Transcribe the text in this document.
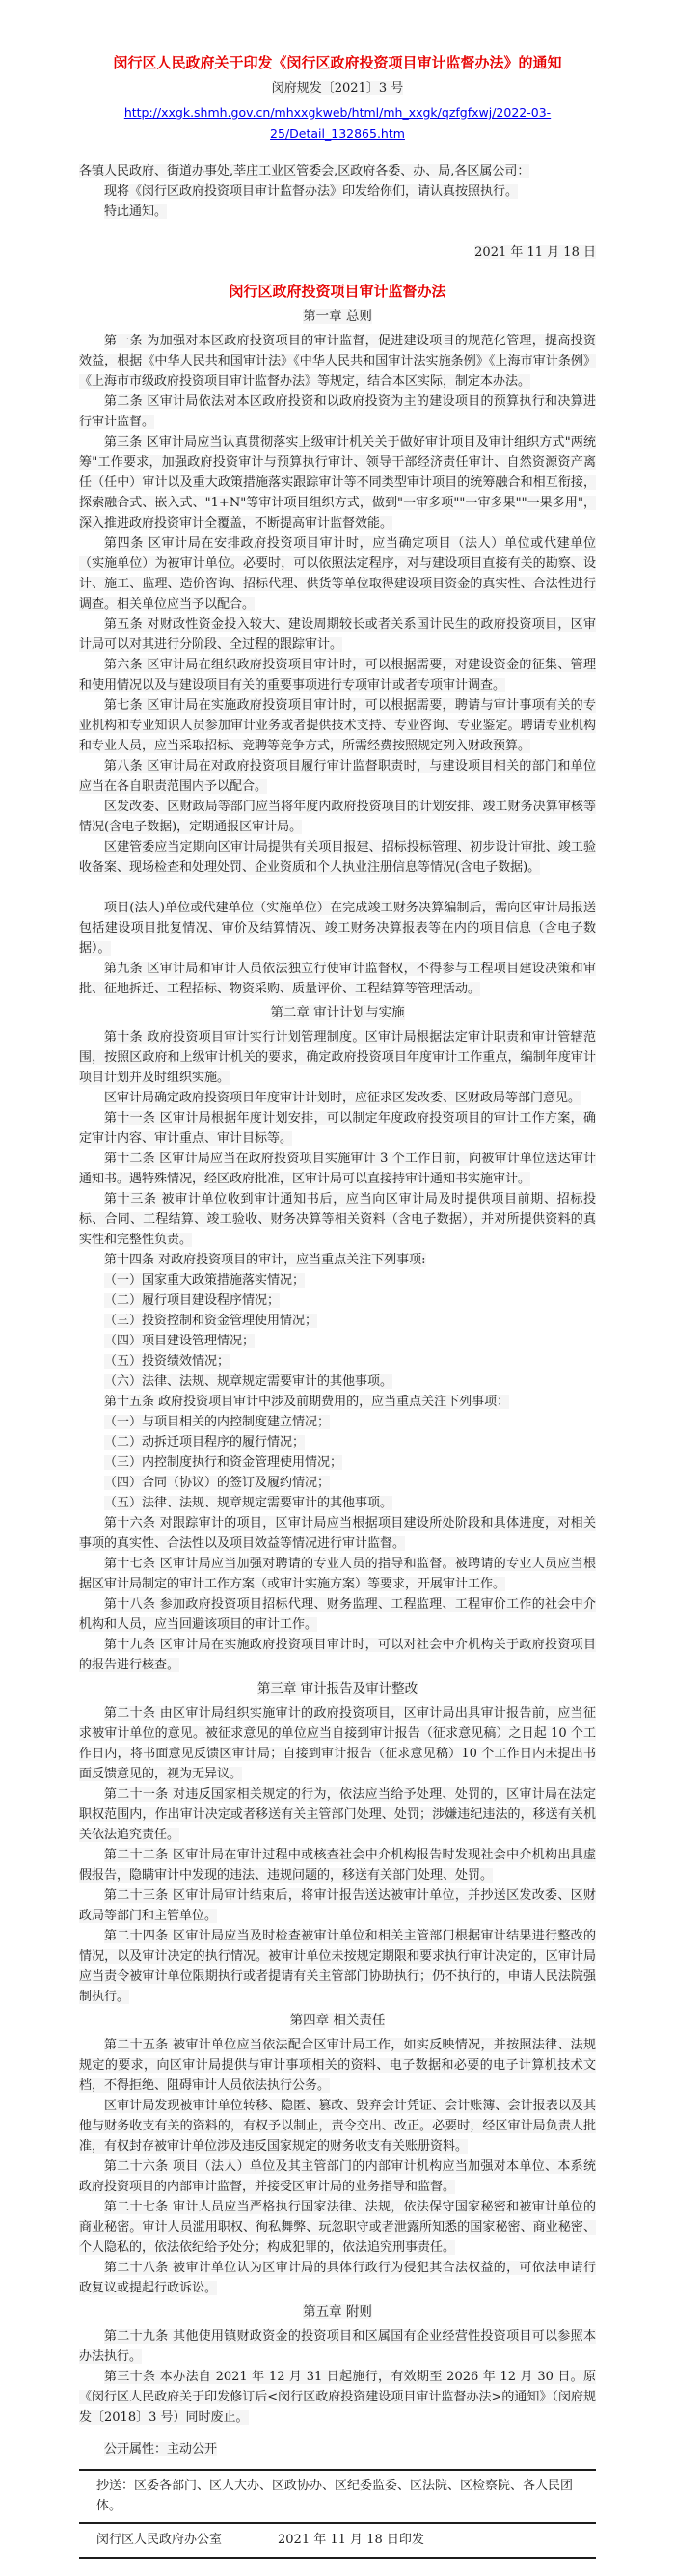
闵行区人民政府关于印发《闵行区政府投资项目审计监督办法》的通知

闵府规发〔2021〕3 号

http://xxgk.shmh.gov.cn/mhxxgkweb/html/mh_xxgk/qzfgfxwj/2022-03-25/Detail_132865.htm

各镇人民政府、街道办事处,莘庄工业区管委会,区政府各委、办、局,各区属公司：

现将《闵行区政府投资项目审计监督办法》印发给你们，请认真按照执行。

特此通知。

2021 年 11 月 18 日

闵行区政府投资项目审计监督办法

第一章 总则

第一条 为加强对本区政府投资项目的审计监督，促进建设项目的规范化管理，提高投资效益，根据《中华人民共和国审计法》《中华人民共和国审计法实施条例》《上海市审计条例》《上海市市级政府投资项目审计监督办法》等规定，结合本区实际，制定本办法。

第二条 区审计局依法对本区政府投资和以政府投资为主的建设项目的预算执行和决算进行审计监督。

第三条 区审计局应当认真贯彻落实上级审计机关关于做好审计项目及审计组织方式"两统筹"工作要求，加强政府投资审计与预算执行审计、领导干部经济责任审计、自然资源资产离任（任中）审计以及重大政策措施落实跟踪审计等不同类型审计项目的统筹融合和相互衔接，探索融合式、嵌入式、"1+N"等审计项目组织方式，做到"一审多项""一审多果""一果多用"，深入推进政府投资审计全覆盖，不断提高审计监督效能。

第四条 区审计局在安排政府投资项目审计时，应当确定项目（法人）单位或代建单位（实施单位）为被审计单位。必要时，可以依照法定程序，对与建设项目直接有关的勘察、设计、施工、监理、造价咨询、招标代理、供货等单位取得建设项目资金的真实性、合法性进行调查。相关单位应当予以配合。

第五条 对财政性资金投入较大、建设周期较长或者关系国计民生的政府投资项目，区审计局可以对其进行分阶段、全过程的跟踪审计。

第六条 区审计局在组织政府投资项目审计时，可以根据需要，对建设资金的征集、管理和使用情况以及与建设项目有关的重要事项进行专项审计或者专项审计调查。

第七条 区审计局在实施政府投资项目审计时，可以根据需要，聘请与审计事项有关的专业机构和专业知识人员参加审计业务或者提供技术支持、专业咨询、专业鉴定。聘请专业机构和专业人员，应当采取招标、竞聘等竞争方式，所需经费按照规定列入财政预算。

第八条 区审计局在对政府投资项目履行审计监督职责时，与建设项目相关的部门和单位应当在各自职责范围内予以配合。

区发改委、区财政局等部门应当将年度内政府投资项目的计划安排、竣工财务决算审核等情况(含电子数据)，定期通报区审计局。

区建管委应当定期向区审计局提供有关项目报建、招标投标管理、初步设计审批、竣工验收备案、现场检查和处理处罚、企业资质和个人执业注册信息等情况(含电子数据)。

项目(法人)单位或代建单位（实施单位）在完成竣工财务决算编制后，需向区审计局报送包括建设项目批复情况、审价及结算情况、竣工财务决算报表等在内的项目信息（含电子数据）。

第九条 区审计局和审计人员依法独立行使审计监督权，不得参与工程项目建设决策和审批、征地拆迁、工程招标、物资采购、质量评价、工程结算等管理活动。

第二章 审计计划与实施

第十条 政府投资项目审计实行计划管理制度。区审计局根据法定审计职责和审计管辖范围，按照区政府和上级审计机关的要求，确定政府投资项目年度审计工作重点，编制年度审计项目计划并及时组织实施。

区审计局确定政府投资项目年度审计计划时，应征求区发改委、区财政局等部门意见。

第十一条 区审计局根据年度计划安排，可以制定年度政府投资项目的审计工作方案，确定审计内容、审计重点、审计目标等。

第十二条 区审计局应当在政府投资项目实施审计 3 个工作日前，向被审计单位送达审计通知书。遇特殊情况，经区政府批准，区审计局可以直接持审计通知书实施审计。

第十三条 被审计单位收到审计通知书后，应当向区审计局及时提供项目前期、招标投标、合同、工程结算、竣工验收、财务决算等相关资料（含电子数据），并对所提供资料的真实性和完整性负责。

第十四条 对政府投资项目的审计，应当重点关注下列事项:

（一）国家重大政策措施落实情况；

（二）履行项目建设程序情况；

（三）投资控制和资金管理使用情况；

（四）项目建设管理情况；

（五）投资绩效情况；

（六）法律、法规、规章规定需要审计的其他事项。

第十五条 政府投资项目审计中涉及前期费用的，应当重点关注下列事项：

（一）与项目相关的内控制度建立情况；

（二）动拆迁项目程序的履行情况；

（三）内控制度执行和资金管理使用情况；

（四）合同（协议）的签订及履约情况；

（五）法律、法规、规章规定需要审计的其他事项。

第十六条 对跟踪审计的项目，区审计局应当根据项目建设所处阶段和具体进度，对相关事项的真实性、合法性以及项目效益等情况进行审计监督。

第十七条 区审计局应当加强对聘请的专业人员的指导和监督。被聘请的专业人员应当根据区审计局制定的审计工作方案（或审计实施方案）等要求，开展审计工作。

第十八条 参加政府投资项目招标代理、财务监理、工程监理、工程审价工作的社会中介机构和人员，应当回避该项目的审计工作。

第十九条 区审计局在实施政府投资项目审计时，可以对社会中介机构关于政府投资项目的报告进行核查。

第三章 审计报告及审计整改

第二十条 由区审计局组织实施审计的政府投资项目，区审计局出具审计报告前，应当征求被审计单位的意见。被征求意见的单位应当自接到审计报告（征求意见稿）之日起 10 个工作日内，将书面意见反馈区审计局；自接到审计报告（征求意见稿）10 个工作日内未提出书面反馈意见的，视为无异议。

第二十一条 对违反国家相关规定的行为，依法应当给予处理、处罚的，区审计局在法定职权范围内，作出审计决定或者移送有关主管部门处理、处罚；涉嫌违纪违法的，移送有关机关依法追究责任。

第二十二条 区审计局在审计过程中或核查社会中介机构报告时发现社会中介机构出具虚假报告，隐瞒审计中发现的违法、违规问题的，移送有关部门处理、处罚。

第二十三条 区审计局审计结束后，将审计报告送达被审计单位，并抄送区发改委、区财政局等部门和主管单位。

第二十四条 区审计局应当及时检查被审计单位和相关主管部门根据审计结果进行整改的情况，以及审计决定的执行情况。被审计单位未按规定期限和要求执行审计决定的，区审计局应当责令被审计单位限期执行或者提请有关主管部门协助执行；仍不执行的，申请人民法院强制执行。

第四章 相关责任

第二十五条 被审计单位应当依法配合区审计局工作，如实反映情况，并按照法律、法规规定的要求，向区审计局提供与审计事项相关的资料、电子数据和必要的电子计算机技术文档，不得拒绝、阻碍审计人员依法执行公务。

区审计局发现被审计单位转移、隐匿、篡改、毁弃会计凭证、会计账簿、会计报表以及其他与财务收支有关的资料的，有权予以制止，责令交出、改正。必要时，经区审计局负责人批准，有权封存被审计单位涉及违反国家规定的财务收支有关账册资料。

第二十六条 项目（法人）单位及其主管部门的内部审计机构应当加强对本单位、本系统政府投资项目的内部审计监督，并接受区审计局的业务指导和监督。

第二十七条 审计人员应当严格执行国家法律、法规，依法保守国家秘密和被审计单位的商业秘密。审计人员滥用职权、徇私舞弊、玩忽职守或者泄露所知悉的国家秘密、商业秘密、个人隐私的，依法依纪给予处分；构成犯罪的，依法追究刑事责任。

第二十八条 被审计单位认为区审计局的具体行政行为侵犯其合法权益的，可依法申请行政复议或提起行政诉讼。

第五章 附则

第二十九条 其他使用镇财政资金的投资项目和区属国有企业经营性投资项目可以参照本办法执行。

第三十条 本办法自 2021 年 12 月 31 日起施行，有效期至 2026 年 12 月 30 日。原《闵行区人民政府关于印发修订后<闵行区政府投资建设项目审计监督办法>的通知》（闵府规发〔2018〕3 号）同时废止。

公开属性：主动公开

抄送：区委各部门、区人大办、区政协办、区纪委监委、区法院、区检察院、各人民团体。

闵行区人民政府办公室	2021 年 11 月 18 日印发
